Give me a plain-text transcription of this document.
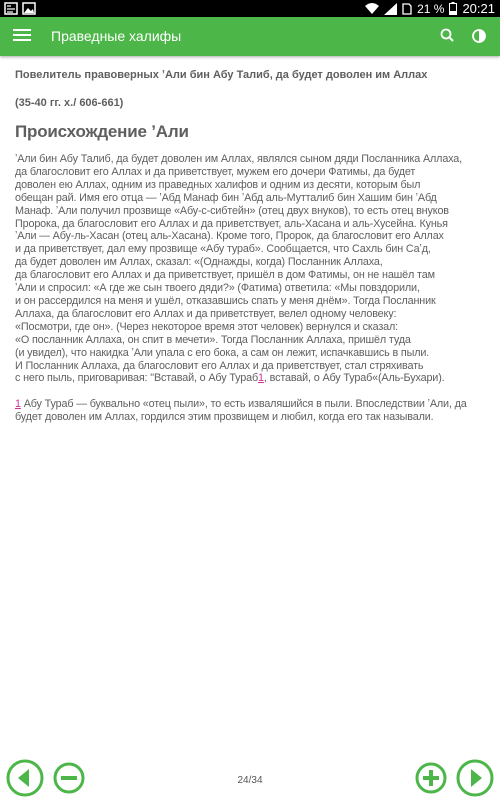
21 % 20:21
Праведные халифы
Повелитель правоверных ʼАли бин Абу Талиб, да будет доволен им Аллах
(35-40 гг. х./ 606-661)
Происхождение ʼАли
ʼАли бин Абу Талиб, да будет доволен им Аллах, являлся сыном дяди Посланника Аллаха,
да благословит его Аллах и да приветствует, мужем его дочери Фатимы, да будет
доволен ею Аллах, одним из праведных халифов и одним из десяти, которым был
обещан рай. Имя его отца — ʼАбд Манаф бин ʼАбд аль-Мутталиб бин Хашим бин ʼАбд
Манаф. ʼАли получил прозвище «Абу-с-сибтейн» (отец двух внуков), то есть отец внуков
Пророка, да благословит его Аллах и да приветствует, аль-Хасана и аль-Хусейна. Кунья
ʼАли — Абу-ль-Хасан (отец аль-Хасана). Кроме того, Пророк, да благословит его Аллах
и да приветствует, дал ему прозвище «Абу тураб». Сообщается, что Сахль бин Саʼд,
да будет доволен им Аллах, сказал: «(Однажды, когда) Посланник Аллаха,
да благословит его Аллах и да приветствует, пришёл в дом Фатимы, он не нашёл там
ʼАли и спросил: «А где же сын твоего дяди?» (Фатима) ответила: «Мы повздорили,
и он рассердился на меня и ушёл, отказавшись спать у меня днём». Тогда Посланник
Аллаха, да благословит его Аллах и да приветствует, велел одному человеку:
«Посмотри, где он». (Через некоторое время этот человек) вернулся и сказал:
«О посланник Аллаха, он спит в мечети». Тогда Посланник Аллаха, пришёл туда
(и увидел), что накидка ʼАли упала с его бока, а сам он лежит, испачкавшись в пыли.
И Посланник Аллаха, да благословит его Аллах и да приветствует, стал стряхивать
с него пыль, приговаривая: "Вставай, о Абу Тураб1, вставай, о Абу Тураб«(Аль-Бухари).
1 Абу Тураб — буквально «отец пыли», то есть изваляшийся в пыли. Впоследствии ʼАли, да будет доволен им Аллах, гордился этим прозвищем и любил, когда его так называли.
24/34
